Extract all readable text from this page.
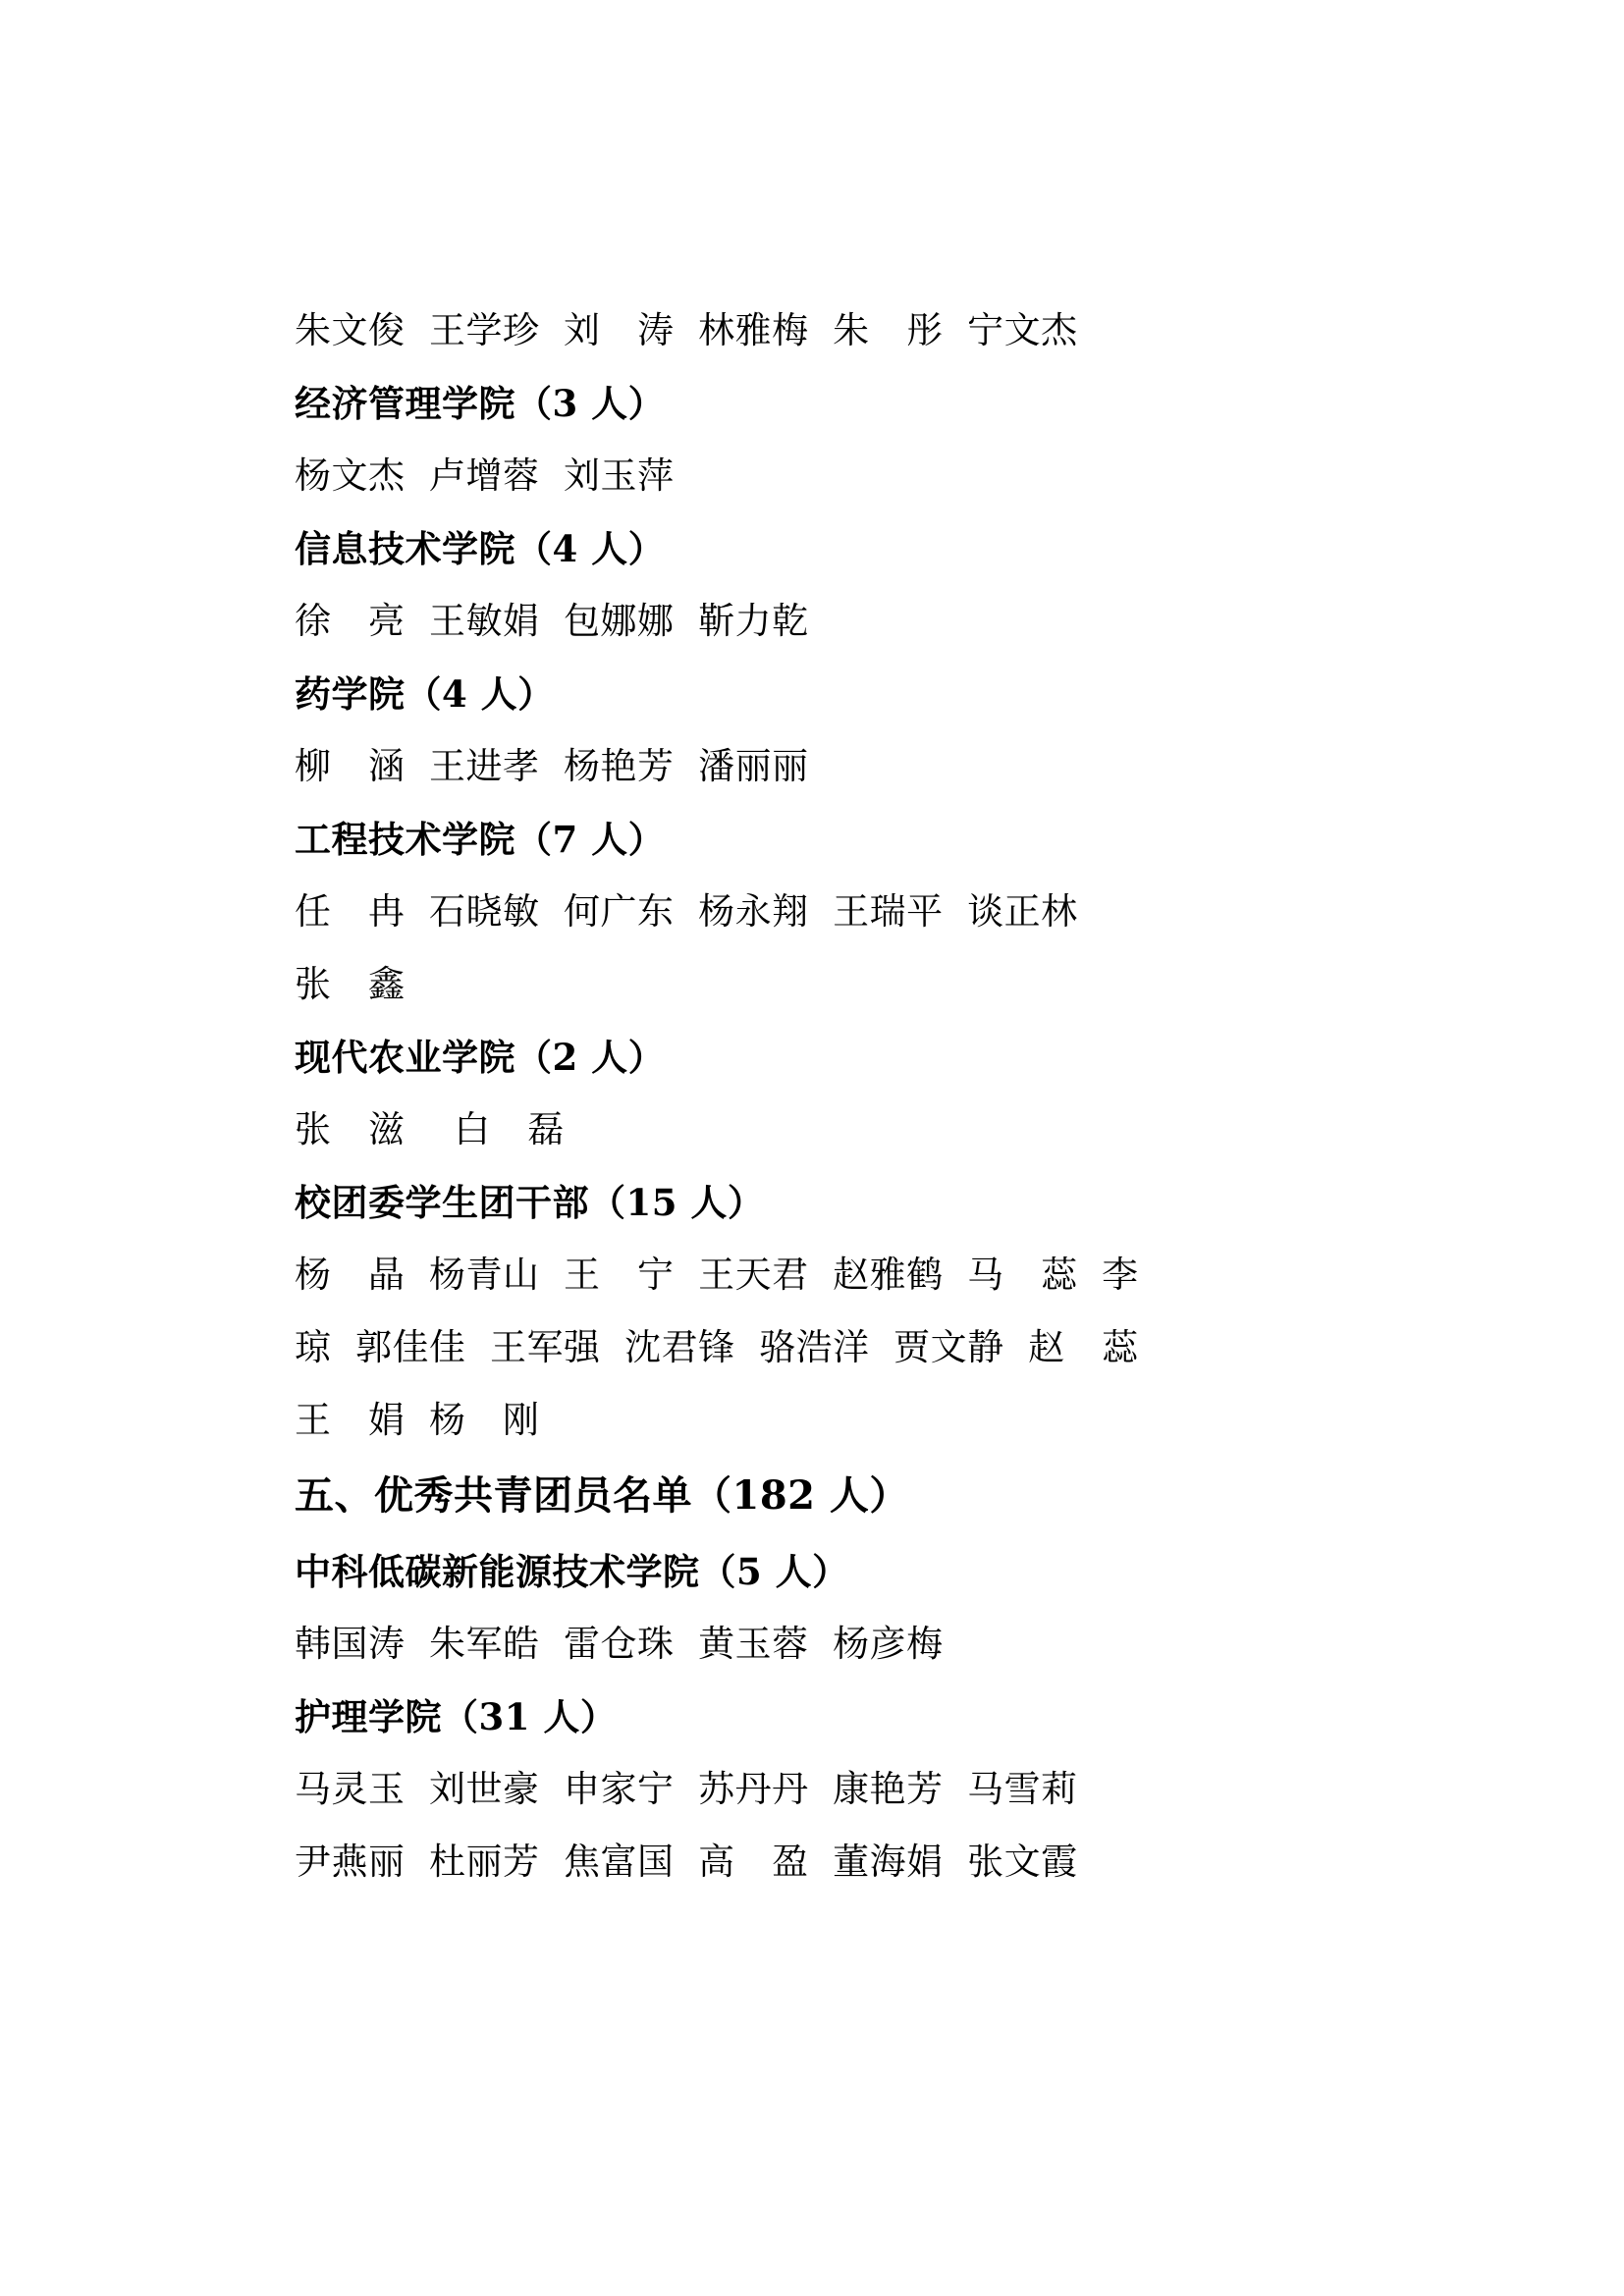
朱文俊  王学珍  刘　涛  林雅梅  朱　彤  宁文杰
经济管理学院（3 人）
杨文杰  卢增蓉  刘玉萍
信息技术学院（4 人）
徐　亮  王敏娟  包娜娜  靳力乾
药学院（4 人）
柳　涵  王进孝  杨艳芳  潘丽丽
工程技术学院（7 人）
任　冉  石晓敏  何广东  杨永翔  王瑞平  谈正林
张　鑫
现代农业学院（2 人）
张　滋　 白　磊
校团委学生团干部（15 人）
杨　晶  杨青山  王　宁  王天君  赵雅鹤  马　蕊  李
琼  郭佳佳  王军强  沈君锋  骆浩洋  贾文静  赵　蕊
王　娟  杨　刚
五、优秀共青团员名单（182 人）
中科低碳新能源技术学院（5 人）
韩国涛  朱军皓  雷仓珠  黄玉蓉  杨彦梅
护理学院（31 人）
马灵玉  刘世豪  申家宁  苏丹丹  康艳芳  马雪莉
尹燕丽  杜丽芳  焦富国  高　盈  董海娟  张文霞
